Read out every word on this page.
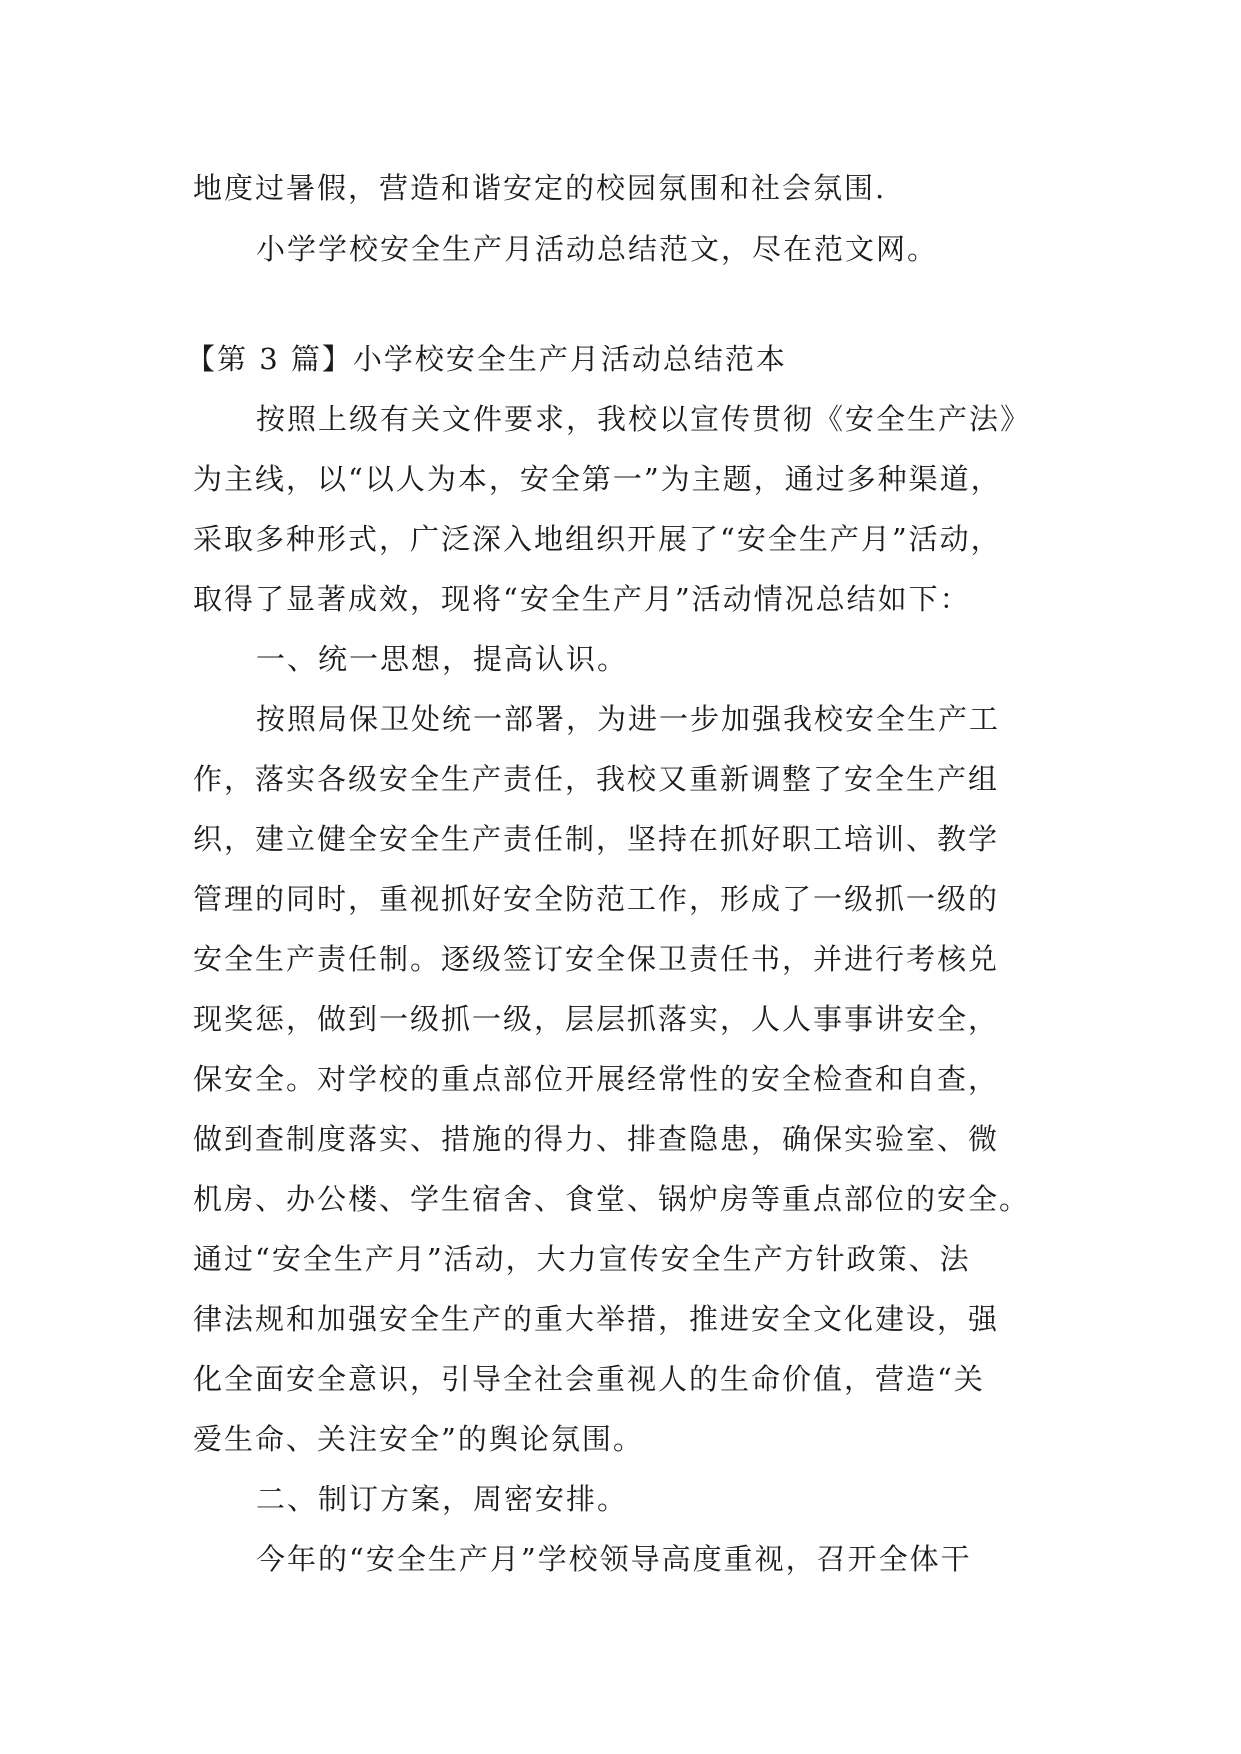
地度过暑假，营造和谐安定的校园氛围和社会氛围.
小学学校安全生产月活动总结范文，尽在范文网。
【第 3 篇】小学校安全生产月活动总结范本
按照上级有关文件要求，我校以宣传贯彻《安全生产法》
为主线，以“以人为本，安全第一”为主题，通过多种渠道，
采取多种形式，广泛深入地组织开展了“安全生产月”活动，
取得了显著成效，现将“安全生产月”活动情况总结如下：
一、统一思想，提高认识。
按照局保卫处统一部署，为进一步加强我校安全生产工
作，落实各级安全生产责任，我校又重新调整了安全生产组
织，建立健全安全生产责任制，坚持在抓好职工培训、教学
管理的同时，重视抓好安全防范工作，形成了一级抓一级的
安全生产责任制。逐级签订安全保卫责任书，并进行考核兑
现奖惩，做到一级抓一级，层层抓落实，人人事事讲安全，
保安全。对学校的重点部位开展经常性的安全检查和自查，
做到查制度落实、措施的得力、排查隐患，确保实验室、微
机房、办公楼、学生宿舍、食堂、锅炉房等重点部位的安全。
通过“安全生产月”活动，大力宣传安全生产方针政策、法
律法规和加强安全生产的重大举措，推进安全文化建设，强
化全面安全意识，引导全社会重视人的生命价值，营造“关
爱生命、关注安全”的舆论氛围。
二、制订方案，周密安排。
今年的“安全生产月”学校领导高度重视，召开全体干
